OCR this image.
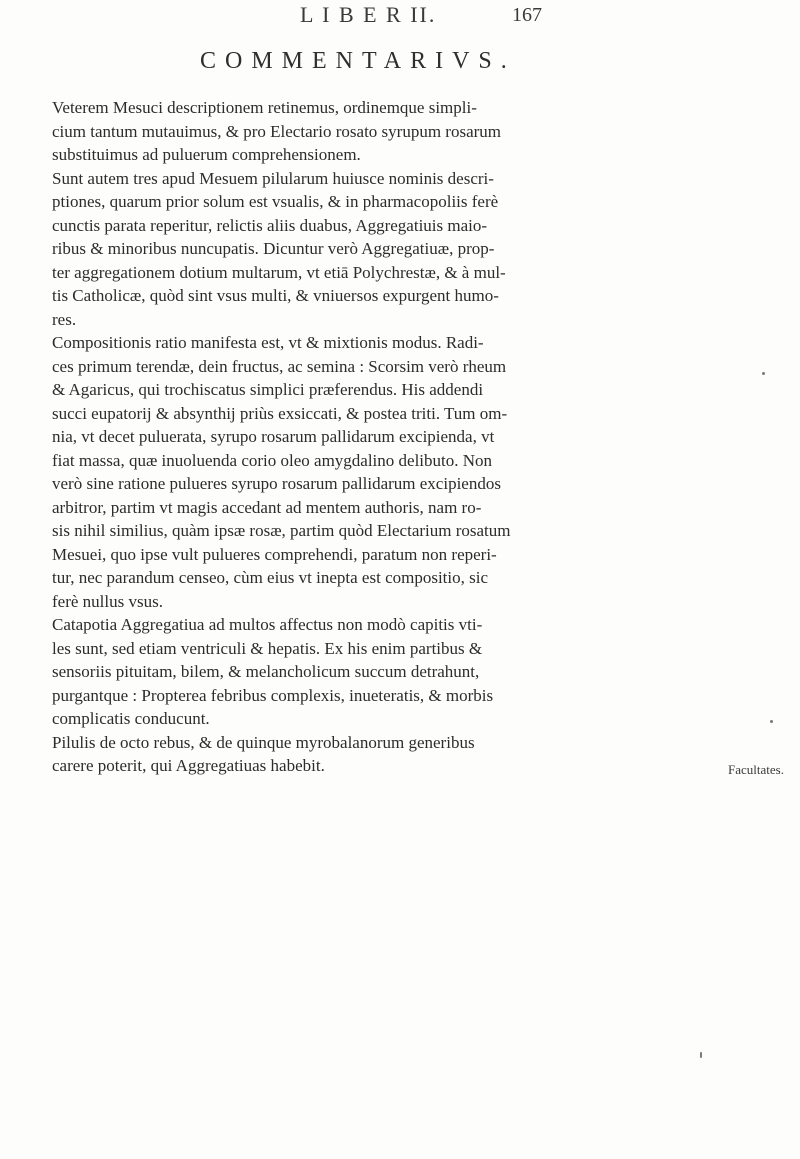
L I B E R II.	167
COMMENTARIVS.
Veterem Mesuci descriptionem retinemus, ordinemque simpli-
cium tantum mutauimus, & pro Electario rosato syrupum rosarum
substituimus ad puluerum comprehensionem.
Sunt autem tres apud Mesuem pilularum huiusce nominis descri-
ptiones, quarum prior solum est vsualis, & in pharmacopoliis ferè
cunctis parata reperitur, relictis aliis duabus, Aggregatiuis maio-
ribus & minoribus nuncupatis. Dicuntur verò Aggregatiuæ, prop-
ter aggregationem dotium multarum, vt etiā Polychrestæ, & à mul-
tis Catholicæ, quòd sint vsus multi, & vniuersos expurgent humo-
res.
Compositionis ratio manifesta est, vt & mixtionis modus. Radi-
ces primum terendæ, dein fructus, ac semina : Scorsim verò rheum
& Agaricus, qui trochiscatus simplici præferendus. His addendi
succi eupatorij & absynthij priùs exsiccati, & postea triti. Tum om-
nia, vt decet puluerata, syrupo rosarum pallidarum excipienda, vt
fiat massa, quæ inuoluenda corio oleo amygdalino delibuto. Non
verò sine ratione pulueres syrupo rosarum pallidarum excipiendos
arbitror, partim vt magis accedant ad mentem authoris, nam ro-
sis nihil similius, quàm ipsæ rosæ, partim quòd Electarium rosatum
Mesuei, quo ipse vult pulueres comprehendi, paratum non reperi-
tur, nec parandum censeo, cùm eius vt inepta est compositio, sic
ferè nullus vsus.
Catapotia Aggregatiua ad multos affectus non modò capitis vti-
les sunt, sed etiam ventriculi & hepatis. Ex his enim partibus &
sensoriis pituitam, bilem, & melancholicum succum detrahunt,
purgantque : Propterea febribus complexis, inueteratis, & morbis
complicatis conducunt.
Pilulis de octo rebus, & de quinque myrobalanorum generibus
carere poterit, qui Aggregatiuas habebit.	Facultates.
